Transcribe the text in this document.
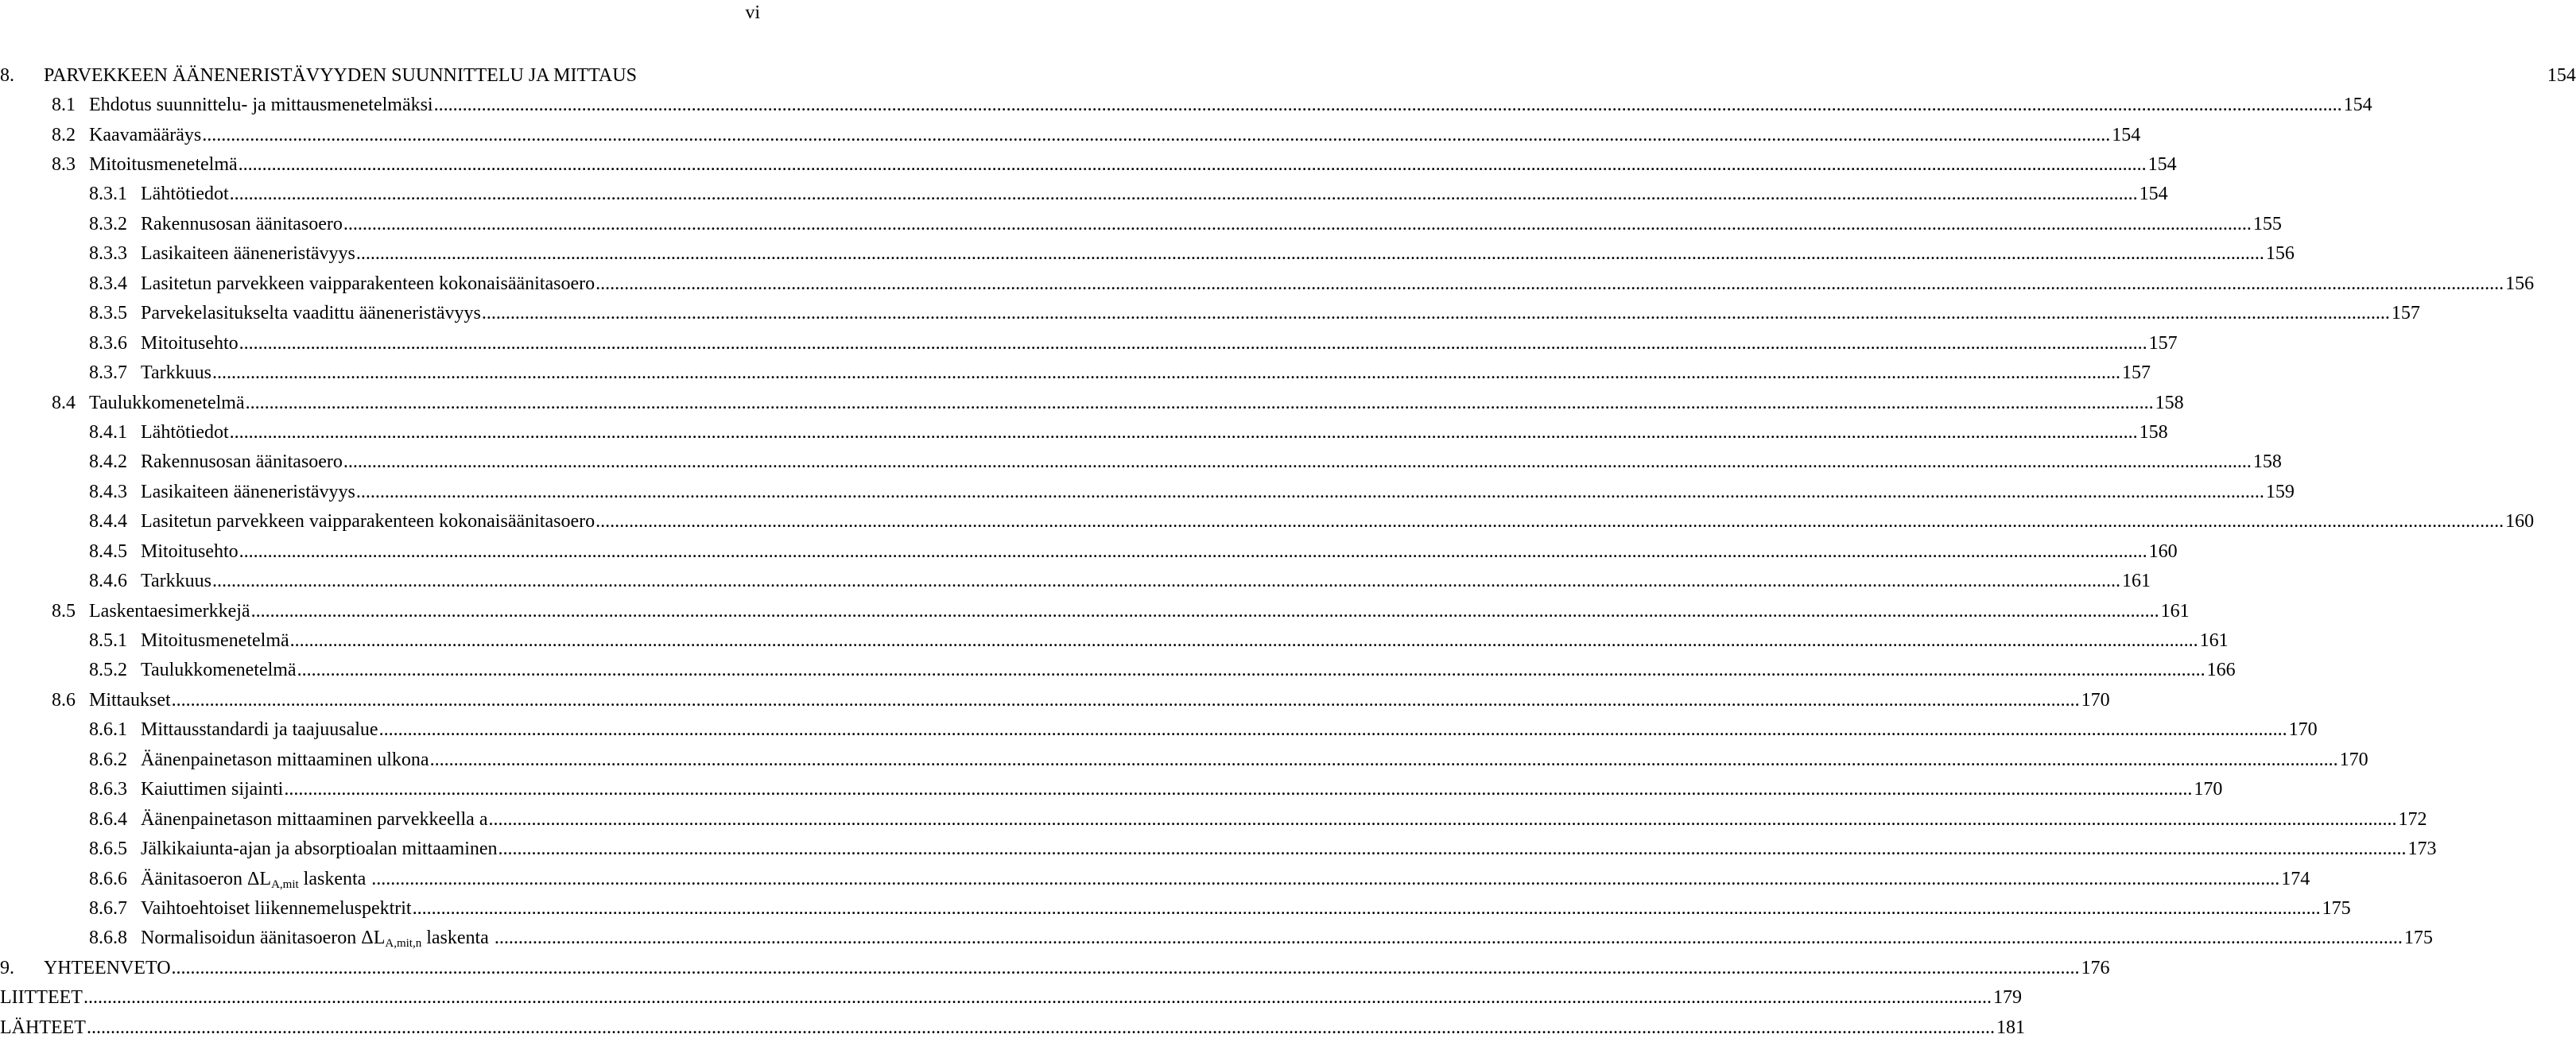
vi
8.	PARVEKKEEN ÄÄNENERISTÄVYYDEN SUUNNITTELU JA MITTAUS	154
8.1 Ehdotus suunnittelu- ja mittausmenetelmäksi ................................................................................................................................................................................................................................................................................................................................................................................................................ 154
8.2 Kaavamääräys ................................................................................................................................................................................................................................................................................................................................................................................................................ 154
8.3 Mitoitusmenetelmä ................................................................................................................................................................................................................................................................................................................................................................................................................ 154
8.3.1 Lähtötiedot ................................................................................................................................................................................................................................................................................................................................................................................................................ 154
8.3.2 Rakennusosan äänitasoero ................................................................................................................................................................................................................................................................................................................................................................................................................ 155
8.3.3 Lasikaiteen ääneneristävyys ................................................................................................................................................................................................................................................................................................................................................................................................................ 156
8.3.4 Lasitetun parvekkeen vaipparakenteen kokonaisäänitasoero ................................................................................................................................................................................................................................................................................................................................................................................................................ 156
8.3.5 Parvekelasitukselta vaadittu ääneneristävyys ................................................................................................................................................................................................................................................................................................................................................................................................................ 157
8.3.6 Mitoitusehto ................................................................................................................................................................................................................................................................................................................................................................................................................ 157
8.3.7 Tarkkuus ................................................................................................................................................................................................................................................................................................................................................................................................................ 157
8.4 Taulukkomenetelmä ................................................................................................................................................................................................................................................................................................................................................................................................................ 158
8.4.1 Lähtötiedot ................................................................................................................................................................................................................................................................................................................................................................................................................ 158
8.4.2 Rakennusosan äänitasoero ................................................................................................................................................................................................................................................................................................................................................................................................................ 158
8.4.3 Lasikaiteen ääneneristävyys ................................................................................................................................................................................................................................................................................................................................................................................................................ 159
8.4.4 Lasitetun parvekkeen vaipparakenteen kokonaisäänitasoero ................................................................................................................................................................................................................................................................................................................................................................................................................ 160
8.4.5 Mitoitusehto ................................................................................................................................................................................................................................................................................................................................................................................................................ 160
8.4.6 Tarkkuus ................................................................................................................................................................................................................................................................................................................................................................................................................ 161
8.5 Laskentaesimerkkejä ................................................................................................................................................................................................................................................................................................................................................................................................................ 161
8.5.1 Mitoitusmenetelmä ................................................................................................................................................................................................................................................................................................................................................................................................................ 161
8.5.2 Taulukkomenetelmä ................................................................................................................................................................................................................................................................................................................................................................................................................ 166
8.6 Mittaukset ................................................................................................................................................................................................................................................................................................................................................................................................................ 170
8.6.1 Mittausstandardi ja taajuusalue ................................................................................................................................................................................................................................................................................................................................................................................................................ 170
8.6.2 Äänenpainetason mittaaminen ulkona ................................................................................................................................................................................................................................................................................................................................................................................................................ 170
8.6.3 Kaiuttimen sijainti ................................................................................................................................................................................................................................................................................................................................................................................................................ 170
8.6.4 Äänenpainetason mittaaminen parvekkeella a ................................................................................................................................................................................................................................................................................................................................................................................................................ 172
8.6.5 Jälkikaiunta-ajan ja absorptioalan mittaaminen ................................................................................................................................................................................................................................................................................................................................................................................................................ 173
8.6.6 Äänitasoeron $\Delta L_{A,mit}$ laskenta ................................................................................................................................................................................................................................................................................................................................................................................................................ 174
8.6.7 Vaihtoehtoiset liikennemeluspektrit ................................................................................................................................................................................................................................................................................................................................................................................................................ 175
8.6.8 Normalisoidun äänitasoeron $\Delta L_{A,mit,n}$ laskenta ................................................................................................................................................................................................................................................................................................................................................................................................................ 175
9.	YHTEENVETO ................................................................................................................................................................................................................................................................................................................................................................................................................ 176
LIITTEET ................................................................................................................................................................................................................................................................................................................................................................................................................ 179
LÄHTEET ................................................................................................................................................................................................................................................................................................................................................................................................................ 181
